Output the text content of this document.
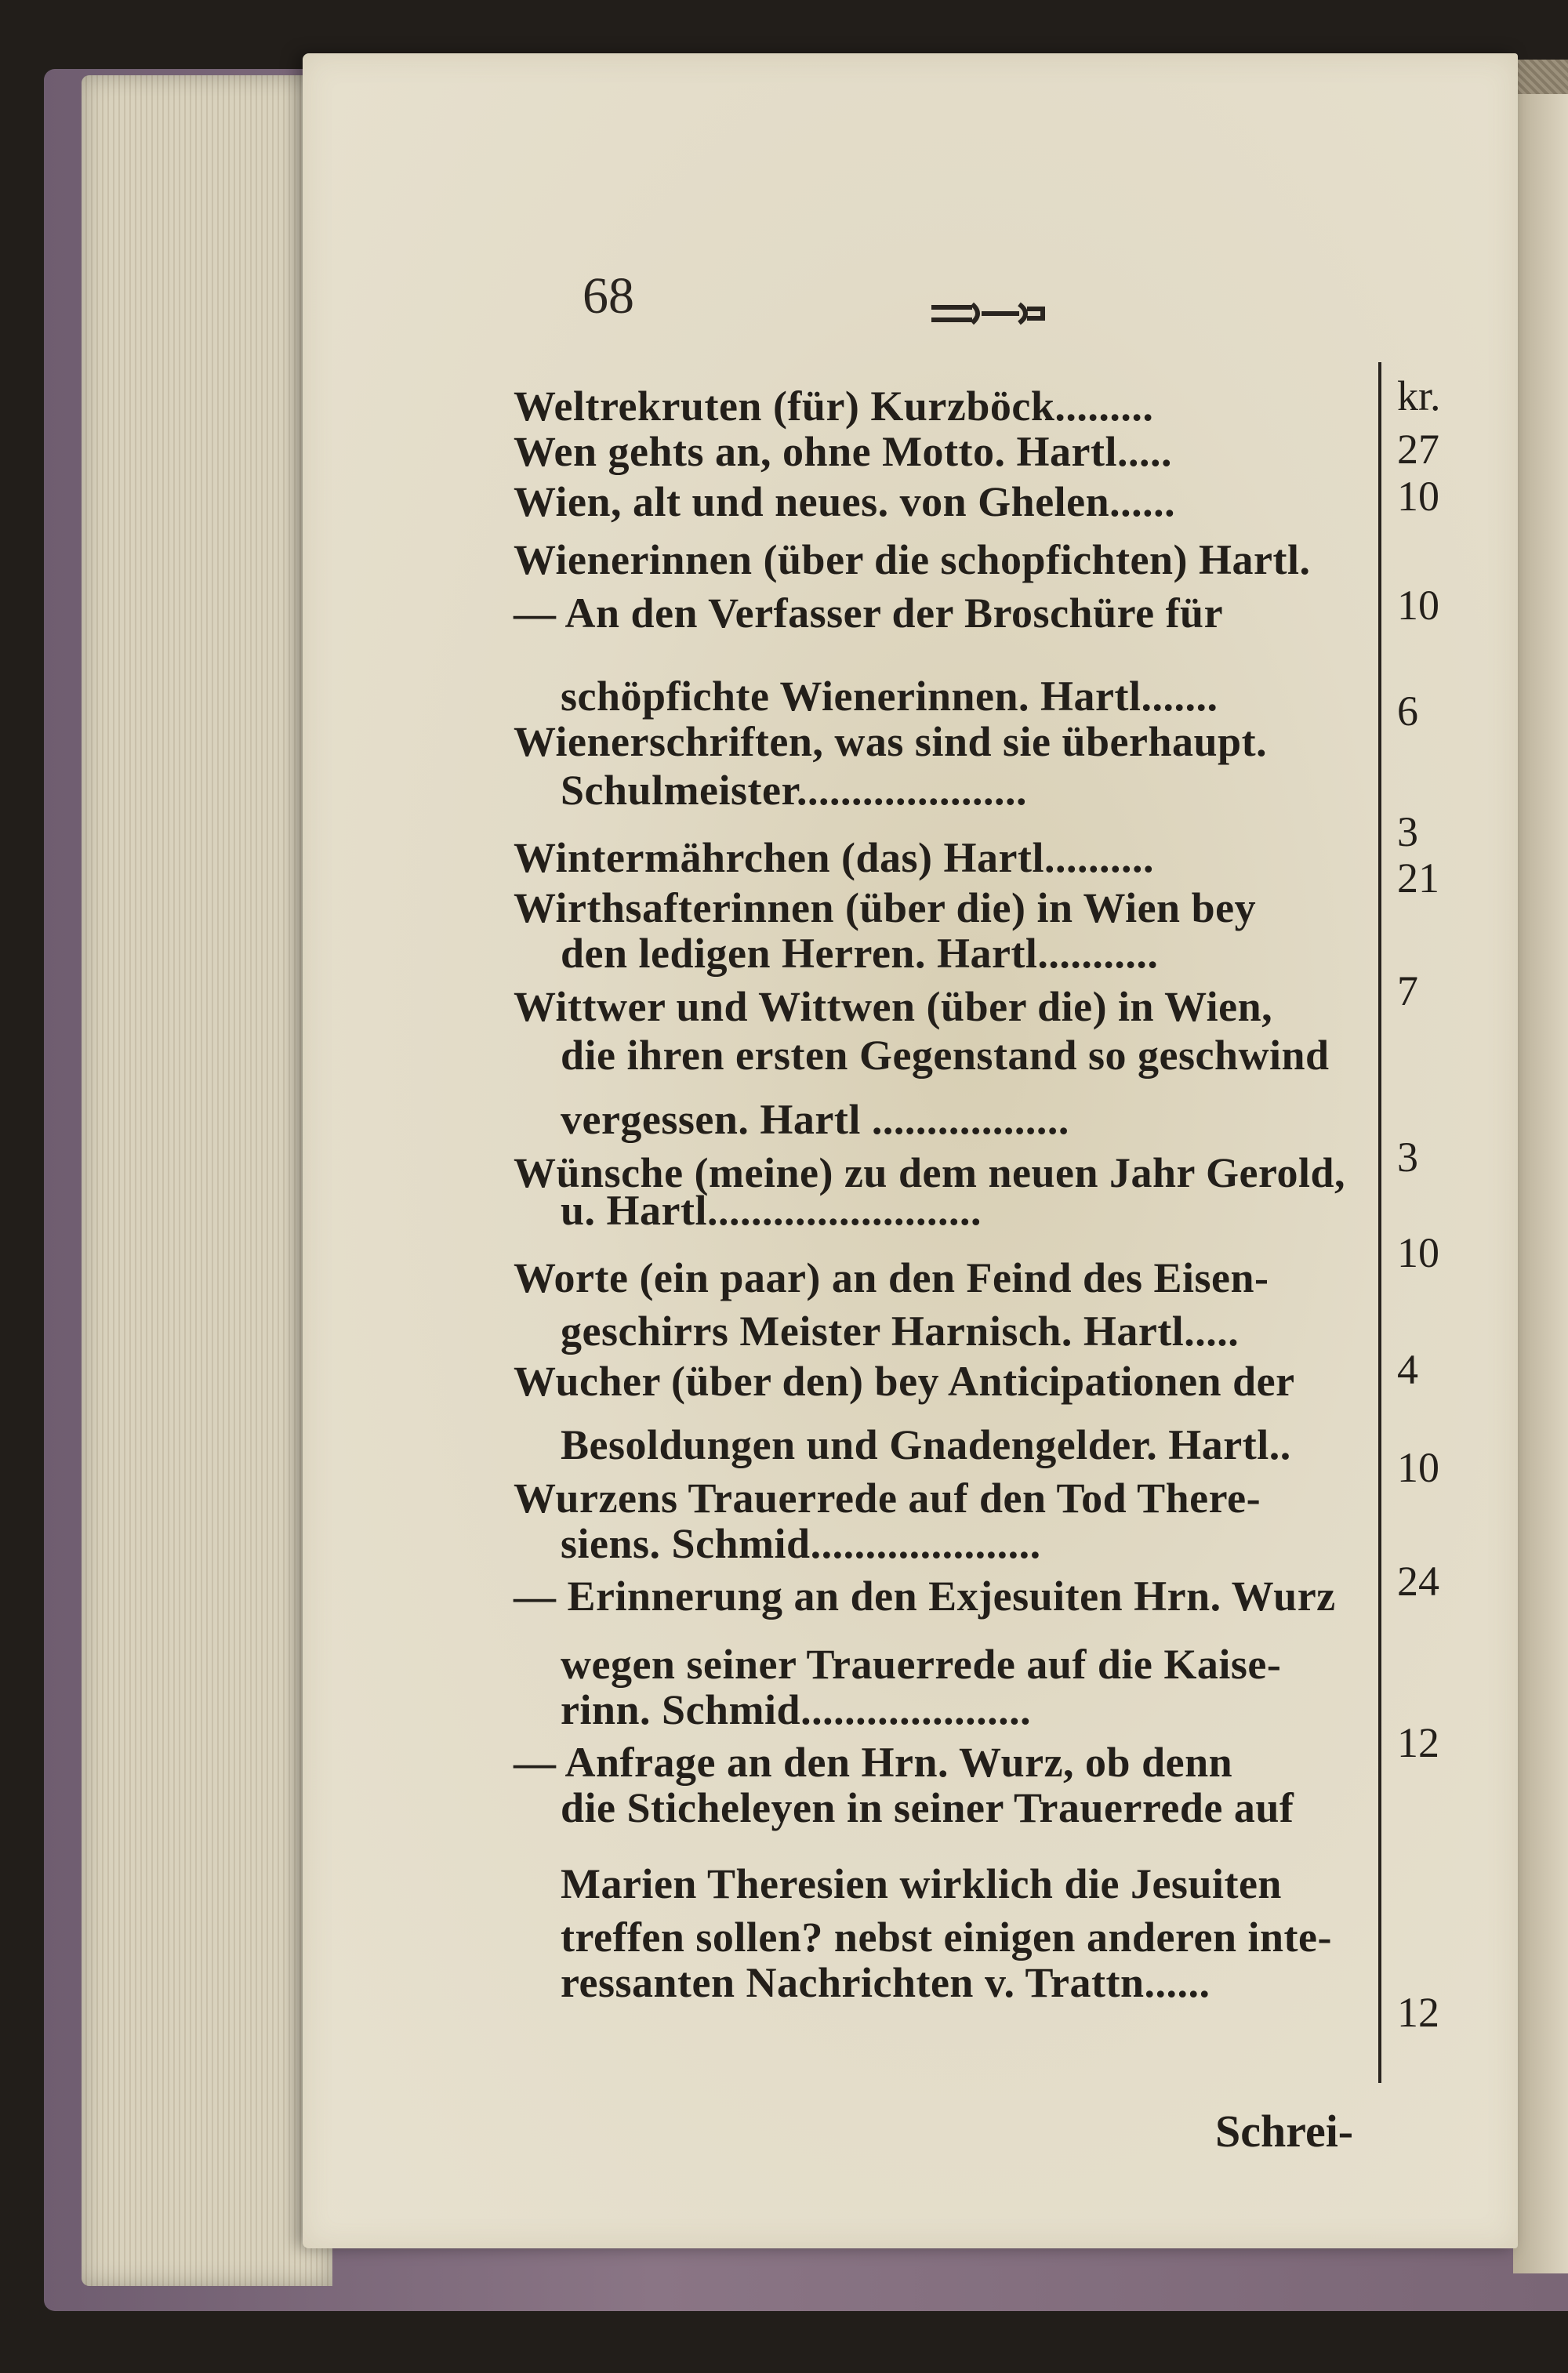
68
Weltrekruten (für) Kurzböck.........
Wen gehts an, ohne Motto. Hartl.....
Wien, alt und neues. von Ghelen......
Wienerinnen (über die schopfichten) Hartl.
— An den Verfasser der Broschüre für
schöpfichte Wienerinnen. Hartl.......
Wienerschriften, was sind sie überhaupt.
Schulmeister.....................
Wintermährchen (das) Hartl..........
Wirthsafterinnen (über die) in Wien bey
den ledigen Herren. Hartl...........
Wittwer und Wittwen (über die) in Wien,
die ihren ersten Gegenstand so geschwind
vergessen. Hartl ..................
Wünsche (meine) zu dem neuen Jahr Gerold,
u. Hartl.........................
Worte (ein paar) an den Feind des Eisen-
geschirrs Meister Harnisch. Hartl.....
Wucher (über den) bey Anticipationen der
Besoldungen und Gnadengelder. Hartl..
Wurzens Trauerrede auf den Tod There-
siens. Schmid.....................
— Erinnerung an den Exjesuiten Hrn. Wurz
wegen seiner Trauerrede auf die Kaise-
rinn. Schmid.....................
— Anfrage an den Hrn. Wurz, ob denn
die Sticheleyen in seiner Trauerrede auf
Marien Theresien wirklich die Jesuiten
treffen sollen? nebst einigen anderen inte-
ressanten Nachrichten v. Trattn......
kr.
27
10
10
6
3
21
7
3
10
4
10
24
12
12
Schrei-
